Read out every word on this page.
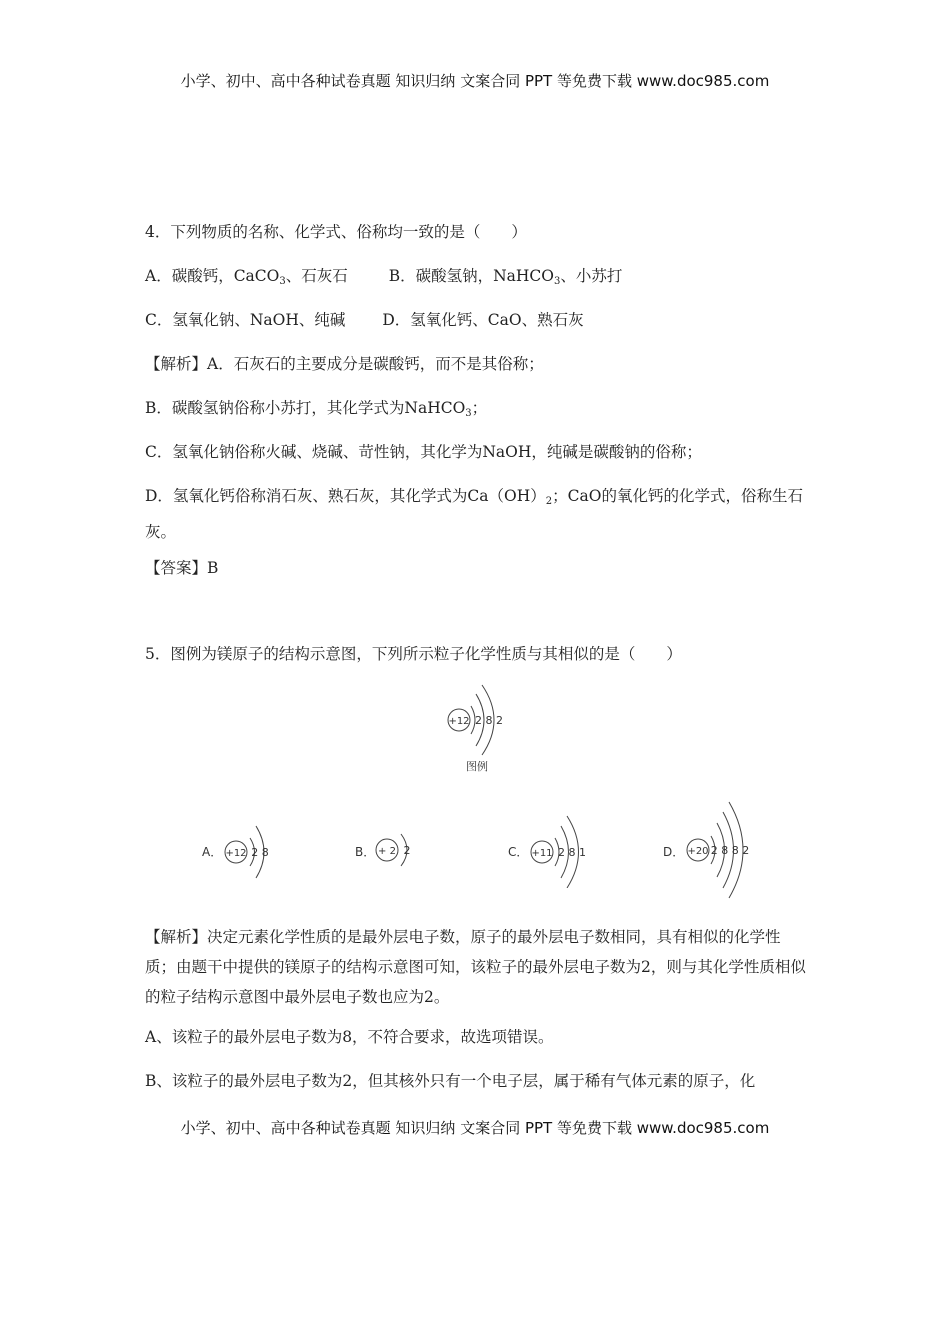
小学、初中、高中各种试卷真题 知识归纳 文案合同 PPT 等免费下载 www.doc985.com
4．下列物质的名称、化学式、俗称均一致的是（　　）
A．碳酸钙，CaCO$_3$、石灰石	B．碳酸氢钠，NaHCO$_3$、小苏打
C．氢氧化钠、NaOH、纯碱 D．氢氧化钙、CaO、熟石灰
【解析】A．石灰石的主要成分是碳酸钙，而不是其俗称；
B．碳酸氢钠俗称小苏打，其化学式为NaHCO$_3$；
C．氢氧化钠俗称火碱、烧碱、苛性钠，其化学为NaOH，纯碱是碳酸钠的俗称；
D．氢氧化钙俗称消石灰、熟石灰，其化学式为$Ca(OH)_2$；CaO的氧化钙的化学式，俗称生石灰。
【答案】B
5．图例为镁原子的结构示意图，下列所示粒子化学性质与其相似的是（　　）
+12 2 8 2
图例
A． +12 2 8	B． + 2 2	C． +11 2 8 1	D． +20 2 8 8 2
【解析】决定元素化学性质的是最外层电子数，原子的最外层电子数相同，具有相似的化学性质；由题干中提供的镁原子的结构示意图可知，该粒子的最外层电子数为2，则与其化学性质相似的粒子结构示意图中最外层电子数也应为2。
A、该粒子的最外层电子数为8，不符合要求，故选项错误。
B、该粒子的最外层电子数为2，但其核外只有一个电子层，属于稀有气体元素的原子，化
小学、初中、高中各种试卷真题 知识归纳 文案合同 PPT 等免费下载 www.doc985.com
